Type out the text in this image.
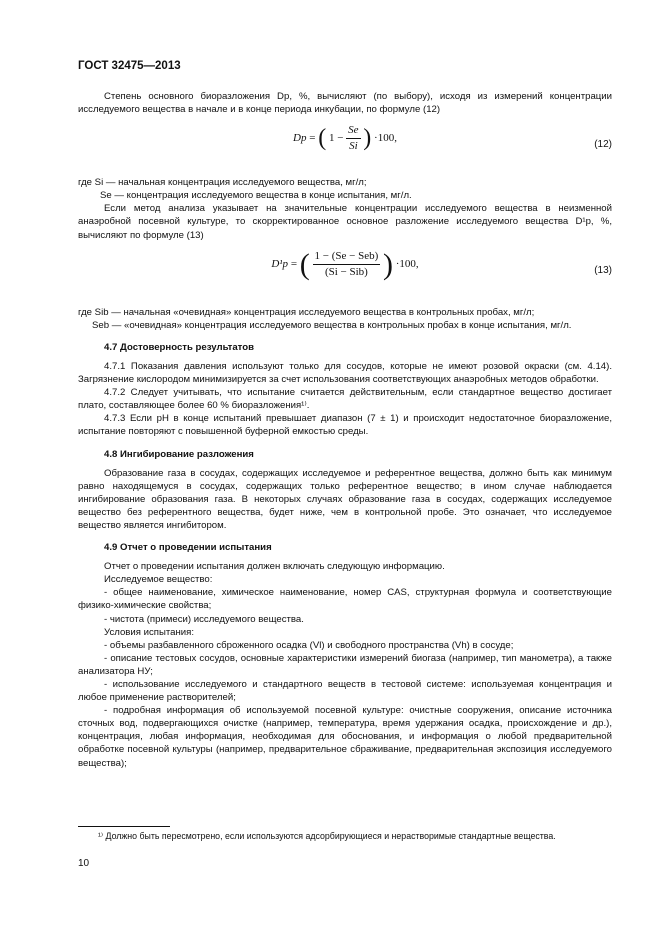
ГОСТ 32475—2013

Степень основного биоразложения Dp, %, вычисляют (по выбору), исходя из измерений концентрации исследуемого вещества в начале и в конце периода инкубации, по формуле (12)

Dp = ( $1 - \frac{Se}{Si}$ ) ·100,
(12)

где Si — начальная концентрация исследуемого вещества, мг/л;

Se — концентрация исследуемого вещества в конце испытания, мг/л.

Если метод анализа указывает на значительные концентрации исследуемого вещества в неизменной анаэробной посевной культуре, то скорректированное основное разложение исследуемого вещества D¹p, %, вычисляют по формуле (13)

D¹p = ( $\frac{\text{1 − (Se − Seb)}}{\text{(Si − Sib)}}$ ) ·100,
(13)

где Sib — начальная «очевидная» концентрация исследуемого вещества в контрольных пробах, мг/л;

Seb — «очевидная» концентрация исследуемого вещества в контрольных пробах в конце испытания, мг/л.

4.7 Достоверность результатов

4.7.1 Показания давления используют только для сосудов, которые не имеют розовой окраски (см. 4.14). Загрязнение кислородом минимизируется за счет использования соответствующих анаэробных методов обработки.

4.7.2 Следует учитывать, что испытание считается действительным, если стандартное вещество достигает плато, составляющее более 60 % биоразложения¹⁾.

4.7.3 Если pH в конце испытаний превышает диапазон (7 ± 1) и происходит недостаточное биоразложение, испытание повторяют с повышенной буферной емкостью среды.

4.8 Ингибирование разложения

Образование газа в сосудах, содержащих исследуемое и референтное вещества, должно быть как минимум равно находящемуся в сосудах, содержащих только референтное вещество; в ином случае наблюдается ингибирование образования газа. В некоторых случаях образование газа в сосудах, содержащих исследуемое вещество без референтного вещества, будет ниже, чем в контрольной пробе. Это означает, что исследуемое вещество является ингибитором.

4.9 Отчет о проведении испытания

Отчет о проведении испытания должен включать следующую информацию.

Исследуемое вещество:

- общее наименование, химическое наименование, номер CAS, структурная формула и соответствующие физико-химические свойства;

- чистота (примеси) исследуемого вещества.

Условия испытания:

- объемы разбавленного сброженного осадка (Vl) и свободного пространства (Vh) в сосуде;

- описание тестовых сосудов, основные характеристики измерений биогаза (например, тип манометра), а также анализатора НУ;

- использование исследуемого и стандартного веществ в тестовой системе: используемая концентрация и любое применение растворителей;

- подробная информация об используемой посевной культуре: очистные сооружения, описание источника сточных вод, подвергающихся очистке (например, температура, время удержания осадка, происхождение и др.), концентрация, любая информация, необходимая для обоснования, и информация о любой предварительной обработке посевной культуры (например, предварительное сбраживание, предварительная экспозиция исследуемого вещества);

¹⁾ Должно быть пересмотрено, если используются адсорбирующиеся и нерастворимые стандартные вещества.
10
